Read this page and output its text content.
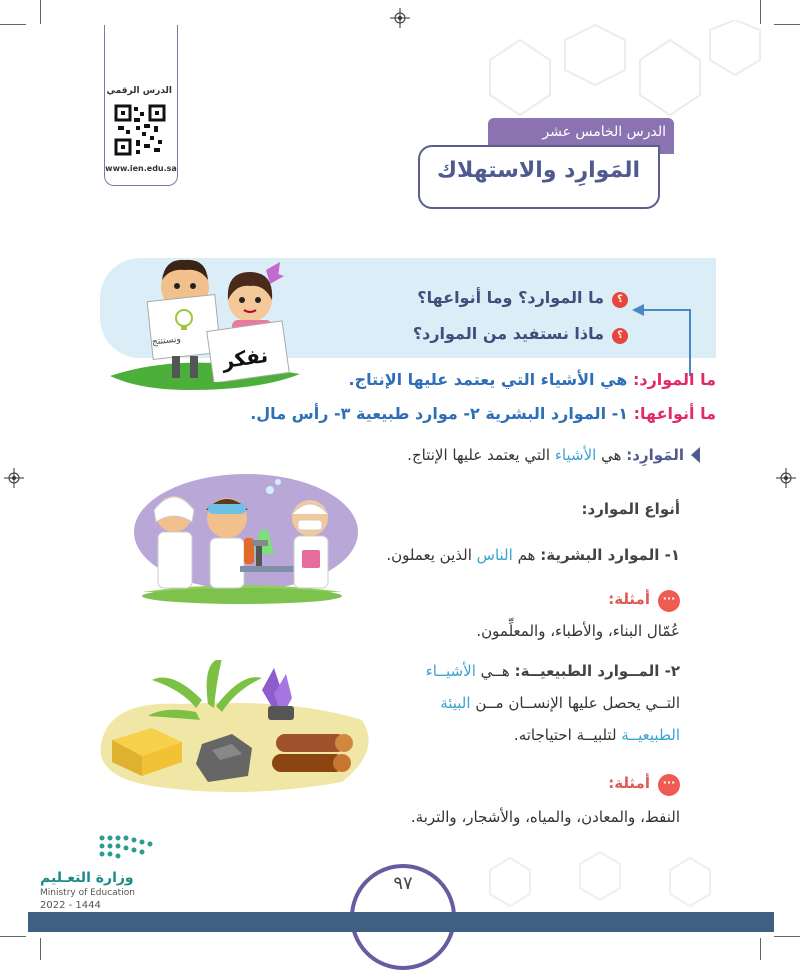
الدرس الرقمي
www.ien.edu.sa
الدرس الخامس عشر
المَوارِد والاستهلاك
ونستنتج
نفكر
؟
ما الموارد؟ وما أنواعها؟
؟
ماذا نستفيد من الموارد؟
ما الموارد: هي الأشياء التي يعتمد عليها الإنتاج.
ما أنواعها: ١- الموارد البشرية ٢- موارد طبيعية ٣- رأس مال.
المَوارِد: هي الأشياء التي يعتمد عليها الإنتاج.
أنواع الموارد:
١- الموارد البشرية: هم الناس الذين يعملون.
···
أمثلة:
عُمّال البناء، والأطباء، والمعلِّمون.
٢- المــوارد الطبيعيــة: هــي الأشيــاء
التــي يحصل عليها الإنســان مــن البيئة
الطبيعيــة لتلبيــة احتياجاته.
···
أمثلة:
النفط، والمعادن، والمياه، والأشجار، والتربة.
وزارة التعـليم
Ministry of Education
2022 - 1444
٩٧
